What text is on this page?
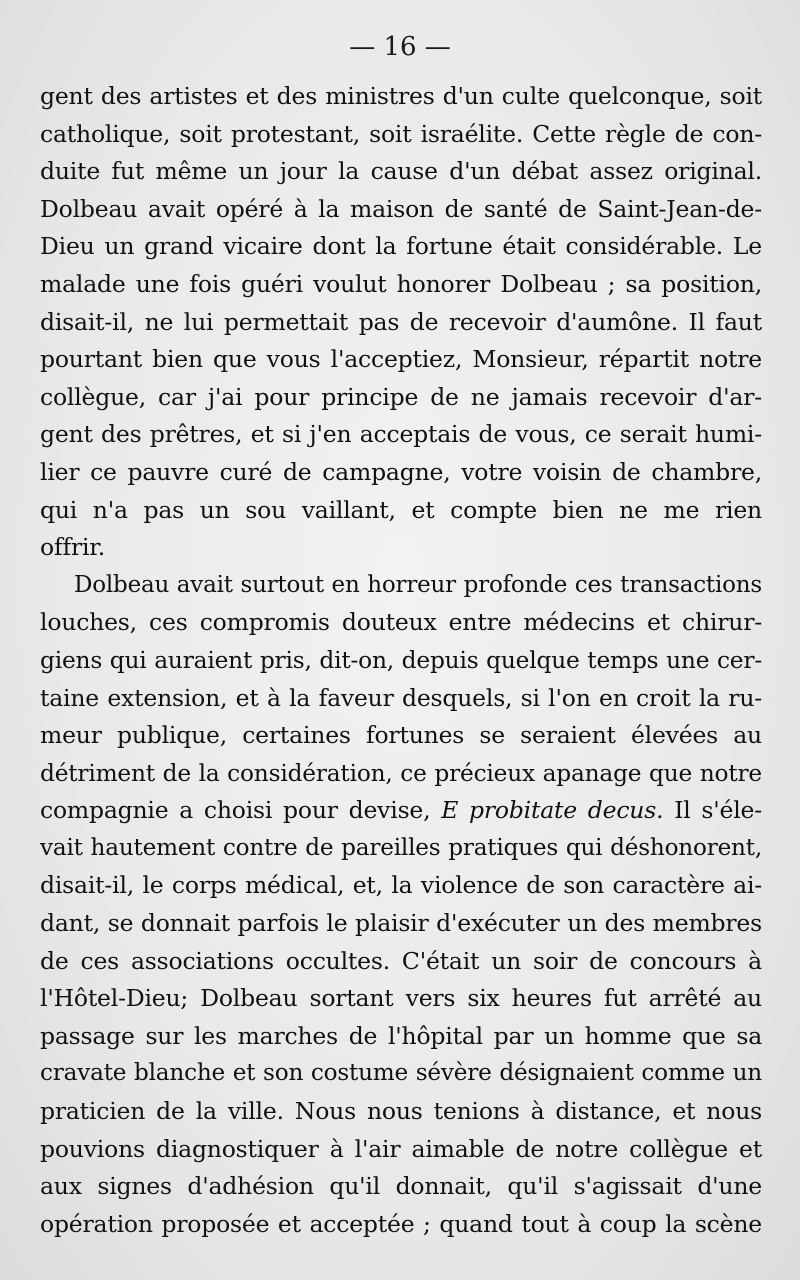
— 16 —
gent des artistes et des ministres d'un culte quelconque, soit
catholique, soit protestant, soit israélite. Cette règle de con-
duite fut même un jour la cause d'un débat assez original.
Dolbeau avait opéré à la maison de santé de Saint-Jean-de-
Dieu un grand vicaire dont la fortune était considérable. Le
malade une fois guéri voulut honorer Dolbeau ; sa position,
disait-il, ne lui permettait pas de recevoir d'aumône. Il faut
pourtant bien que vous l'acceptiez, Monsieur, répartit notre
collègue, car j'ai pour principe de ne jamais recevoir d'ar-
gent des prêtres, et si j'en acceptais de vous, ce serait humi-
lier ce pauvre curé de campagne, votre voisin de chambre,
qui n'a pas un sou vaillant, et compte bien ne me rien
offrir.
Dolbeau avait surtout en horreur profonde ces transactions
louches, ces compromis douteux entre médecins et chirur-
giens qui auraient pris, dit-on, depuis quelque temps une cer-
taine extension, et à la faveur desquels, si l'on en croit la ru-
meur publique, certaines fortunes se seraient élevées au
détriment de la considération, ce précieux apanage que notre
compagnie a choisi pour devise, E probitate decus. Il s'éle-
vait hautement contre de pareilles pratiques qui déshonorent,
disait-il, le corps médical, et, la violence de son caractère ai-
dant, se donnait parfois le plaisir d'exécuter un des membres
de ces associations occultes. C'était un soir de concours à
l'Hôtel-Dieu; Dolbeau sortant vers six heures fut arrêté au
passage sur les marches de l'hôpital par un homme que sa
cravate blanche et son costume sévère désignaient comme un
praticien de la ville. Nous nous tenions à distance, et nous
pouvions diagnostiquer à l'air aimable de notre collègue et
aux signes d'adhésion qu'il donnait, qu'il s'agissait d'une
opération proposée et acceptée ; quand tout à coup la scène
